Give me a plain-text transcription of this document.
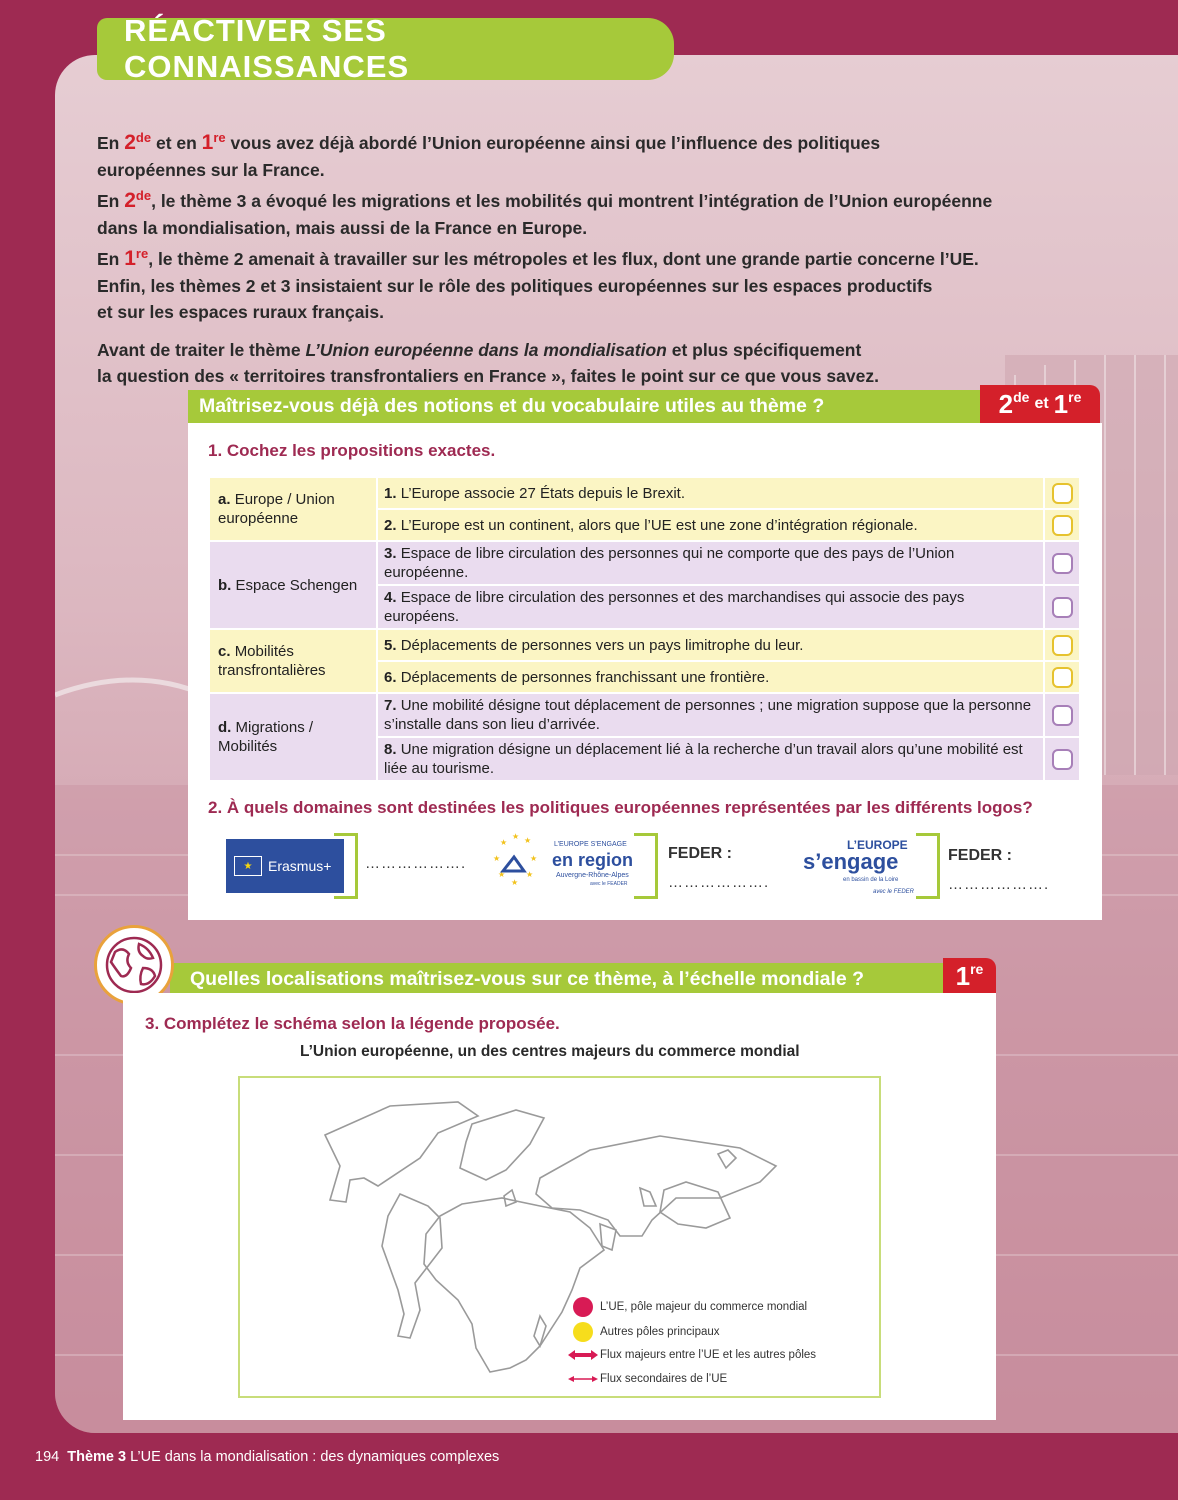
RÉACTIVER SES CONNAISSANCES

En 2de et en 1re vous avez déjà abordé l’Union européenne ainsi que l’influence des politiques

européennes sur la France.

En 2de, le thème 3 a évoqué les migrations et les mobilités qui montrent l’intégration de l’Union européenne

dans la mondialisation, mais aussi de la France en Europe.

En 1re, le thème 2 amenait à travailler sur les métropoles et les flux, dont une grande partie concerne l’UE.

Enfin, les thèmes 2 et 3 insistaient sur le rôle des politiques européennes sur les espaces productifs

et sur les espaces ruraux français.

Avant de traiter le thème L’Union européenne dans la mondialisation et plus spécifiquement

la question des « territoires transfrontaliers en France », faites le point sur ce que vous savez.

Maîtrisez-vous déjà des notions et du vocabulaire utiles au thème ?	2de et 1re
1. Cochez les propositions exactes.
a. Europe / Union européenne	1. L’Europe associe 27 États depuis le Brexit.	
	2. L’Europe est un continent, alors que l’UE est une zone d’intégration régionale.	
b. Espace Schengen	3. Espace de libre circulation des personnes qui ne comporte que des pays de l’Union européenne.	
	4. Espace de libre circulation des personnes et des marchandises qui associe des pays européens.	
c. Mobilités transfrontalières	5. Déplacements de personnes vers un pays limitrophe du leur.	
	6. Déplacements de personnes franchissant une frontière.	
d. Migrations / Mobilités	7. Une mobilité désigne tout déplacement de personnes ; une migration suppose que la personne s’installe dans son lieu d’arrivée.	
	8. Une migration désigne un déplacement lié à la recherche d’un travail alors qu’une mobilité est liée au tourisme.	
2. À quels domaines sont destinées les politiques européennes représentées par les différents logos?
★	Erasmus+ ……………….
★
★ ★
★	★
★	★
★
L’EUROPE S’ENGAGE
en region
Auvergne-Rhône-Alpes
avec le FEADER
FEDER :
……………….
L’EUROPE
s’engage
en bassin de la Loire
avec le FEDER
FEDER :
……………….
Quelles localisations maîtrisez-vous sur ce thème, à l’échelle mondiale ?	1re
3. Complétez le schéma selon la légende proposée.
L’Union européenne, un des centres majeurs du commerce mondial
L’UE, pôle majeur du commerce mondial
Autres pôles principaux
Flux majeurs entre l’UE et les autres pôles
Flux secondaires de l’UE
194 Thème 3 L’UE dans la mondialisation : des dynamiques complexes
